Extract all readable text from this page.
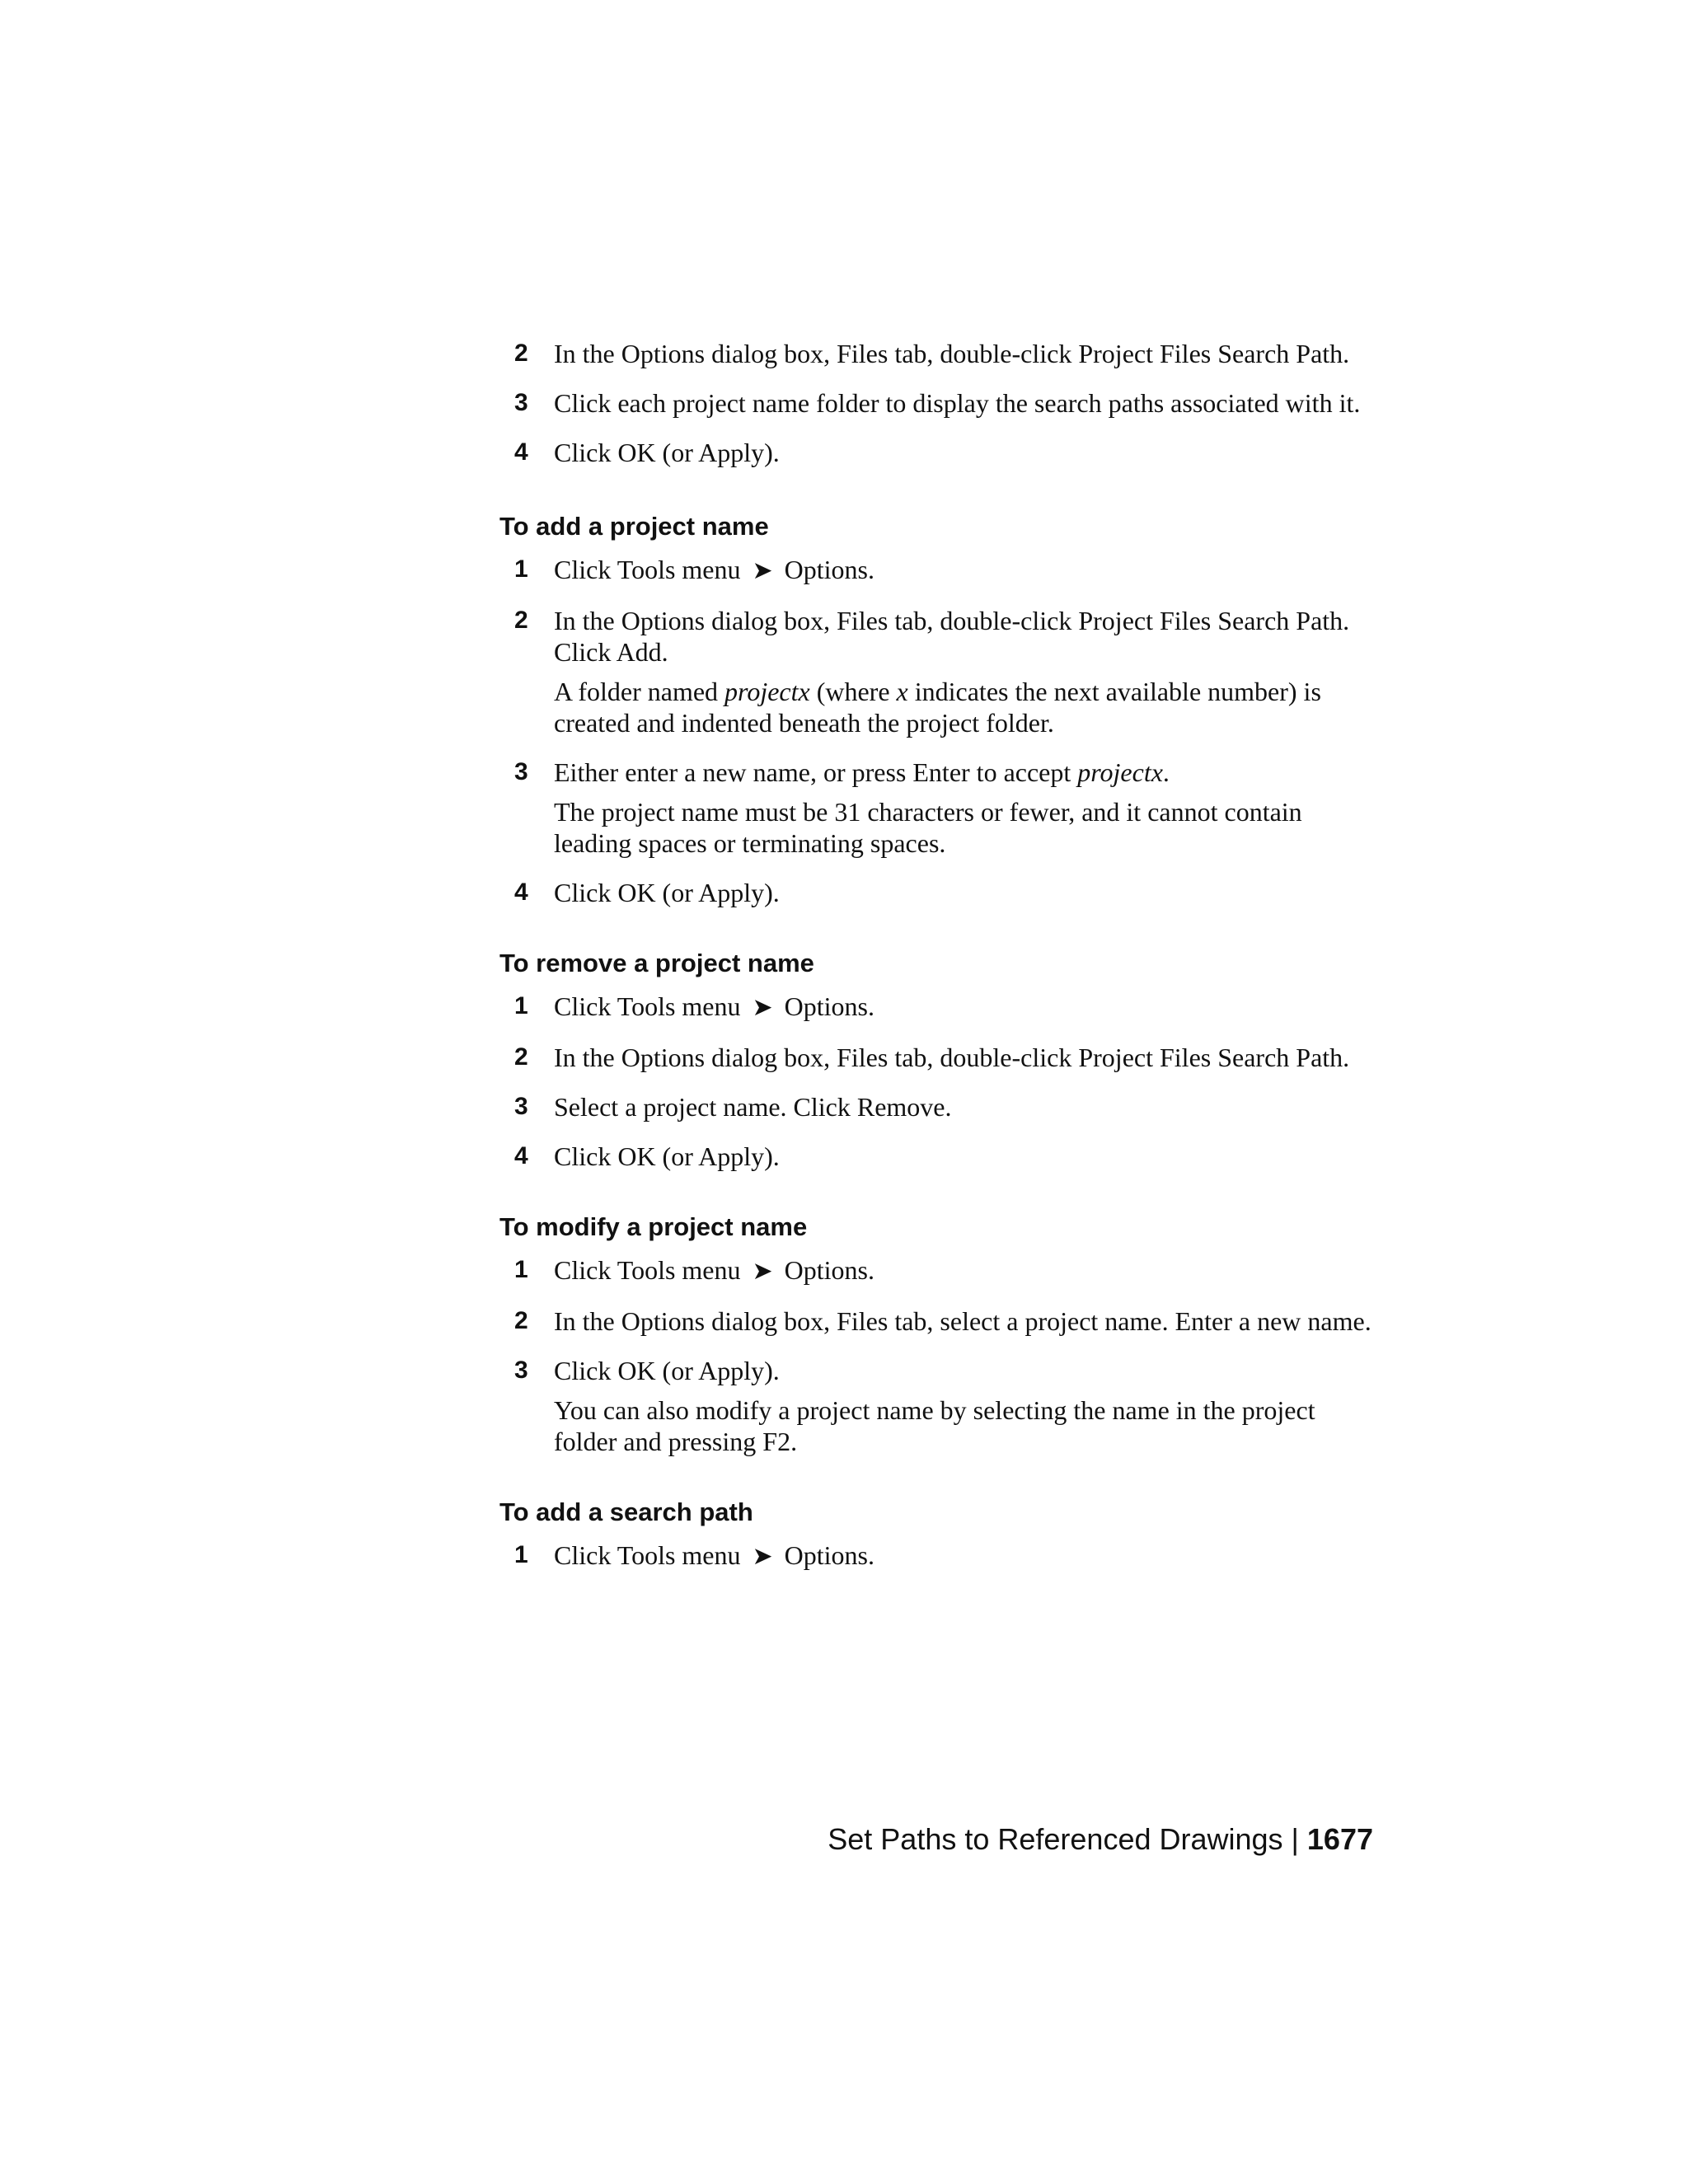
2 In the Options dialog box, Files tab, double-click Project Files Search Path.

3 Click each project name folder to display the search paths associated with it.

4 Click OK (or Apply).

To add a project name
1 Click Tools menu ➤ Options.

2 In the Options dialog box, Files tab, double-click Project Files Search Path. Click Add.

A folder named projectx (where x indicates the next available number) is created and indented beneath the project folder.

3 Either enter a new name, or press Enter to accept projectx.

The project name must be 31 characters or fewer, and it cannot contain leading spaces or terminating spaces.

4 Click OK (or Apply).

To remove a project name
1 Click Tools menu ➤ Options.

2 In the Options dialog box, Files tab, double-click Project Files Search Path.

3 Select a project name. Click Remove.

4 Click OK (or Apply).

To modify a project name
1 Click Tools menu ➤ Options.

2 In the Options dialog box, Files tab, select a project name. Enter a new name.

3 Click OK (or Apply).

You can also modify a project name by selecting the name in the project folder and pressing F2.

To add a search path
1 Click Tools menu ➤ Options.

Set Paths to Referenced Drawings | 1677
